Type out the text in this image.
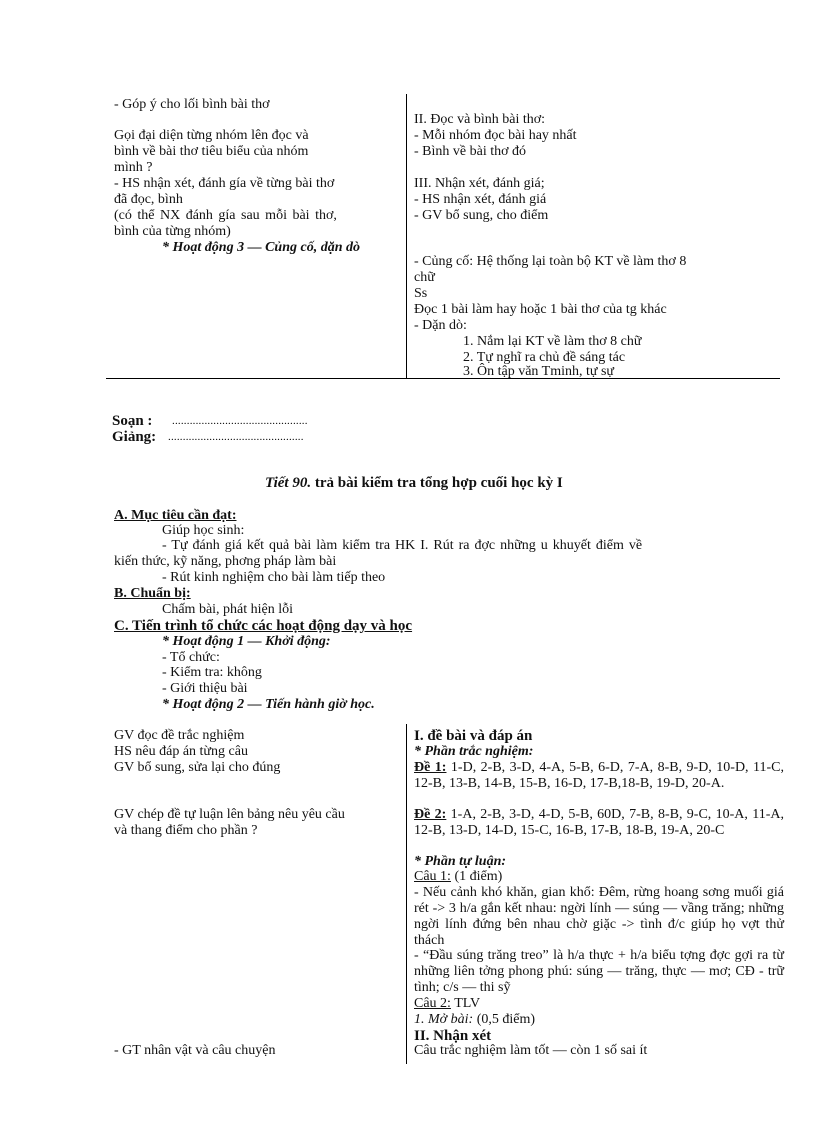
- Góp ý cho lối bình bài thơ
Gọi đại diện từng nhóm lên đọc và
bình về bài thơ tiêu biểu của nhóm
mình ?
- HS nhận xét, đánh gía về từng bài thơ
đã đọc, bình
(có thể NX đánh gía sau mỗi bài thơ,
bình của từng nhóm)
* Hoạt động 3 — Củng cố, dặn dò
II. Đọc và bình bài thơ:
- Mỗi nhóm đọc bài hay nhất
- Bình về bài thơ đó
III. Nhận xét, đánh giá;
- HS nhận xét, đánh giá
- GV bổ sung, cho điểm
- Củng cố: Hệ thống lại toàn bộ KT về làm thơ 8
chữ
Ss
Đọc 1 bài làm hay hoặc 1 bài thơ của tg khác
- Dặn dò:
1. Nắm lại KT về làm thơ 8 chữ
2. Tự nghĩ ra chủ đề sáng tác
3. Ôn tập văn Tminh, tự sự
Soạn : ..............................................
Giảng: ..............................................
Tiết 90. trả bài kiểm tra tổng hợp cuối học kỳ I
A. Mục tiêu cần đạt:
Giúp học sinh:
- Tự đánh giá kết quả bài làm kiểm tra HK I. Rút ra đợc những u khuyết điểm về
kiến thức, kỹ năng, phơng pháp làm bài
- Rút kinh nghiệm cho bài làm tiếp theo
B. Chuẩn bị:
Chấm bài, phát hiện lỗi
C. Tiến trình tổ chức các hoạt động dạy và học
* Hoạt động 1 — Khởi động:
- Tổ chức:
- Kiểm tra: không
- Giới thiệu bài
* Hoạt động 2 — Tiến hành giờ học.
GV đọc đề trắc nghiệm
HS nêu đáp án từng câu
GV bổ sung, sửa lại cho đúng
GV chép đề tự luận lên bảng nêu yêu cầu
và thang điểm cho phần ?
- GT nhân vật và câu chuyện
I. đề bài và đáp án
* Phần trắc nghiệm:
Đề 1: 1-D, 2-B, 3-D, 4-A, 5-B, 6-D, 7-A, 8-B, 9-D, 10-D, 11-C, 12-B, 13-B, 14-B, 15-B, 16-D, 17-B,18-B, 19-D, 20-A.
Đề 2: 1-A, 2-B, 3-D, 4-D, 5-B, 60D, 7-B, 8-B, 9-C, 10-A, 11-A, 12-B, 13-D, 14-D, 15-C, 16-B, 17-B, 18-B, 19-A, 20-C
* Phần tự luận:
Câu 1: (1 điểm)
- Nếu cảnh khó khăn, gian khổ: Đêm, rừng hoang sơng muối giá rét -> 3 h/a gắn kết nhau: ngời lính — súng — vầng trăng; những ngời lính đứng bên nhau chờ giặc -> tình đ/c giúp họ vợt thử thách
- “Đầu súng trăng treo” là h/a thực + h/a biểu tợng đợc gợi ra từ những liên tởng phong phú: súng — trăng, thực — mơ; CĐ - trữ tình; c/s — thi sỹ
Câu 2: TLV
1. Mở bài: (0,5 điểm)
II. Nhận xét
Câu trắc nghiệm làm tốt — còn 1 số sai ít
